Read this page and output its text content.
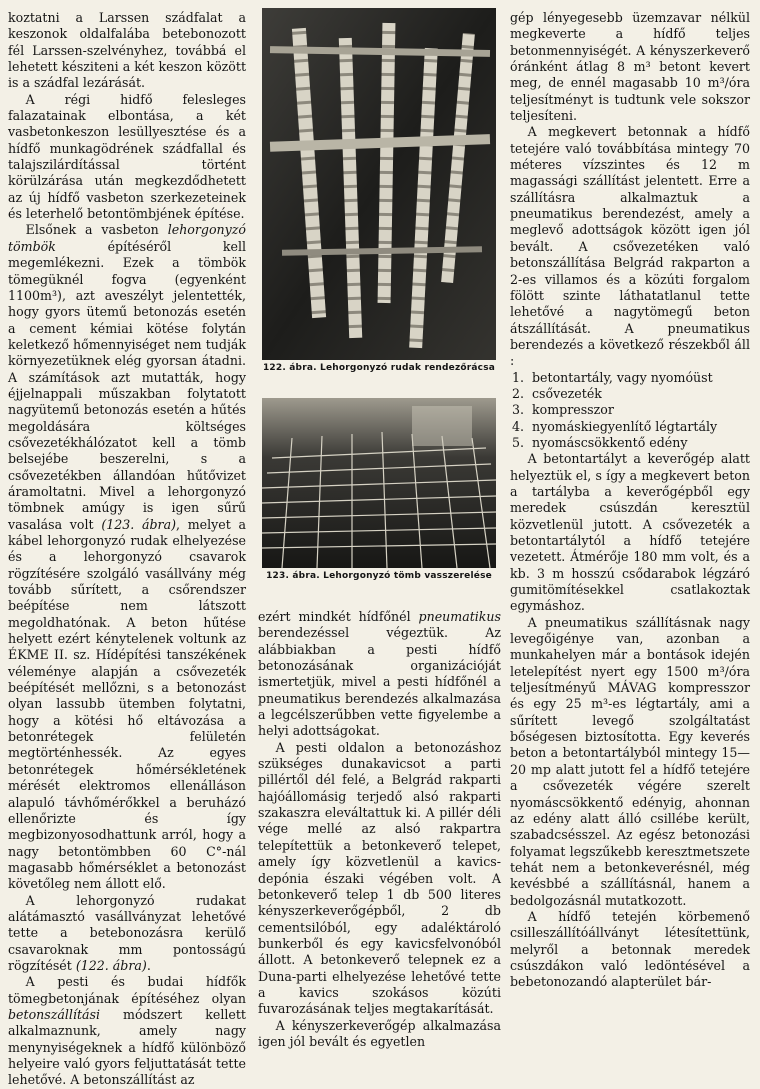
koztatni a Larssen szádfalat a keszonok oldalfalába betebonozott fél Larssen-szelvényhez, továbbá el lehetett késziteni a két keszon között is a szádfal lezárását.

A régi hidfő felesleges falazatainak elbontása, a két vasbetonkeszon lesüllyesztése és a hídfő munkagödrének szádfallal és talajszilárdítással történt körülzárása után megkezdődhetett az új hídfő vasbeton szerkezeteinek és leterhelő betontömbjének építése.

Elsőnek a vasbeton lehorgonyzó tömbök építéséről kell megemlékezni. Ezek a tömbök tömegüknél fogva (egyenként 1100m³), azt aveszélyt jelentették, hogy gyors ütemű betonozás esetén a cement kémiai kötése folytán keletkező hőmennyiséget nem tudják környezetüknek elég gyorsan átadni. A számítások azt mutatták, hogy éjjelnappali műszakban folytatott nagyütemű betonozás esetén a hűtés megoldására költséges csővezetékhálózatot kell a tömb belsejébe beszerelni, s a csővezetékben állandóan hűtővizet áramoltatni. Mivel a lehorgonyzó tömbnek amúgy is igen sűrű vasalása volt (123. ábra), melyet a kábel lehorgonyzó rudak elhelyezése és a lehorgonyzó csavarok rögzítésére szolgáló vasállvány még tovább sűrített, a csőrendszer beépítése nem látszott megoldhatónak. A beton hűtése helyett ezért kénytelenek voltunk az ÉKME II. sz. Hídépítési tanszékének véleménye alapján a csővezeték beépítését mellőzni, s a betonozást olyan lassubb ütemben folytatni, hogy a kötési hő eltávozása a betonrétegek felületén megtörténhessék. Az egyes betonrétegek hőmérsékletének mérését elektromos ellenálláson alapuló távhőmérőkkel a beruházó ellenőrizte és így megbizonyosodhattunk arról, hogy a nagy betontömbben 60 C°-nál magasabb hőmérséklet a betonozást követőleg nem állott elő.

A lehorgonyzó rudakat alátámasztó vasállványzat lehetővé tette a betebonozásra kerülő csavaroknak mm pontosságú rögzítését (122. ábra).

A pesti és budai hídfők tömegbetonjának építéséhez olyan betonszállítási módszert kellett alkalmaznunk, amely nagy menynyiségeknek a hídfő különböző helyeire való gyors feljuttatását tette lehetővé. A betonszállítást az

122. ábra. Lehorgonyzó rudak rendezőrácsa
123. ábra. Lehorgonyzó tömb vasszerelése

ezért mindkét hídfőnél pneumatikus berendezéssel végeztük. Az alábbiakban a pesti hídfő betonozásának organizációját ismertetjük, mivel a pesti hídfőnél a pneumatikus berendezés alkalmazása a legcélszerűbben vette figyelembe a helyi adottságokat.

A pesti oldalon a betonozáshoz szükséges dunakavicsot a parti pillértől dél felé, a Belgrád rakparti hajóállomásig terjedő alsó rakparti szakaszra eleváltattuk ki. A pillér déli vége mellé az alsó rakpartra telepítettük a betonkeverő telepet, amely így közvetlenül a kavics-depónia északi végében volt. A betonkeverő telep 1 db 500 literes kényszerkeverőgépből, 2 db cementsilóból, egy adaléktároló bunkerből és egy kavicsfelvonóból állott. A betonkeverő telepnek ez a Duna-parti elhelyezése lehetővé tette a kavics szokásos közúti fuvarozásának teljes megtakarítását.

A kényszerkeverőgép alkalmazása igen jól bevált és egyetlen

gép lényegesebb üzemzavar nélkül megkeverte a hídfő teljes betonmennyiségét. A kényszerkeverő óránként átlag 8 m³ betont kevert meg, de ennél magasabb 10 m³/óra teljesítményt is tudtunk vele sokszor teljesíteni.

A megkevert betonnak a hídfő tetejére való továbbítása mintegy 70 méteres vízszintes és 12 m magassági szállítást jelentett. Erre a szállításra alkalmaztuk a pneumatikus berendezést, amely a meglevő adottságok között igen jól bevált. A csővezetéken való betonszállítása Belgrád rakparton a 2-es villamos és a közúti forgalom fölött szinte láthatatlanul tette lehetővé a nagytömegű beton átszállítását. A pneumatikus berendezés a következő részekből áll :

1. betontartály, vagy nyomóüst
2. csővezeték
3. kompresszor
4. nyomáskiegyenlítő légtartály
5. nyomáscsökkentő edény

A betontartályt a keverőgép alatt helyeztük el, s így a megkevert beton a tartályba a keverőgépből egy meredek csúszdán keresztül közvetlenül jutott. A csővezeték a betontartálytól a hídfő tetejére vezetett. Átmérője 180 mm volt, és a kb. 3 m hosszú csődarabok légzáró gumitömítésekkel csatlakoztak egymáshoz.

A pneumatikus szállításnak nagy levegőigénye van, azonban a munkahelyen már a bontások idején letelepítést nyert egy 1500 m³/óra teljesítményű MÁVAG kompresszor és egy 25 m³-es légtartály, ami a sűrített levegő szolgáltatást bőségesen biztosította. Egy keverés beton a betontartályból mintegy 15—20 mp alatt jutott fel a hídfő tetejére a csővezeték végére szerelt nyomáscsökkentő edényig, ahonnan az edény alatt álló csillébe került, szabadcsésszel. Az egész betonozási folyamat legszűkebb keresztmetszete tehát nem a betonkeverésnél, még kevésbbé a szállításnál, hanem a bedolgozásnál mutatkozott.

A hídfő tetején körbemenő csilleszállítóállványt létesítettünk, melyről a betonnak meredek csúszdákon való ledöntésével a bebetonozandó alapterület bár-
